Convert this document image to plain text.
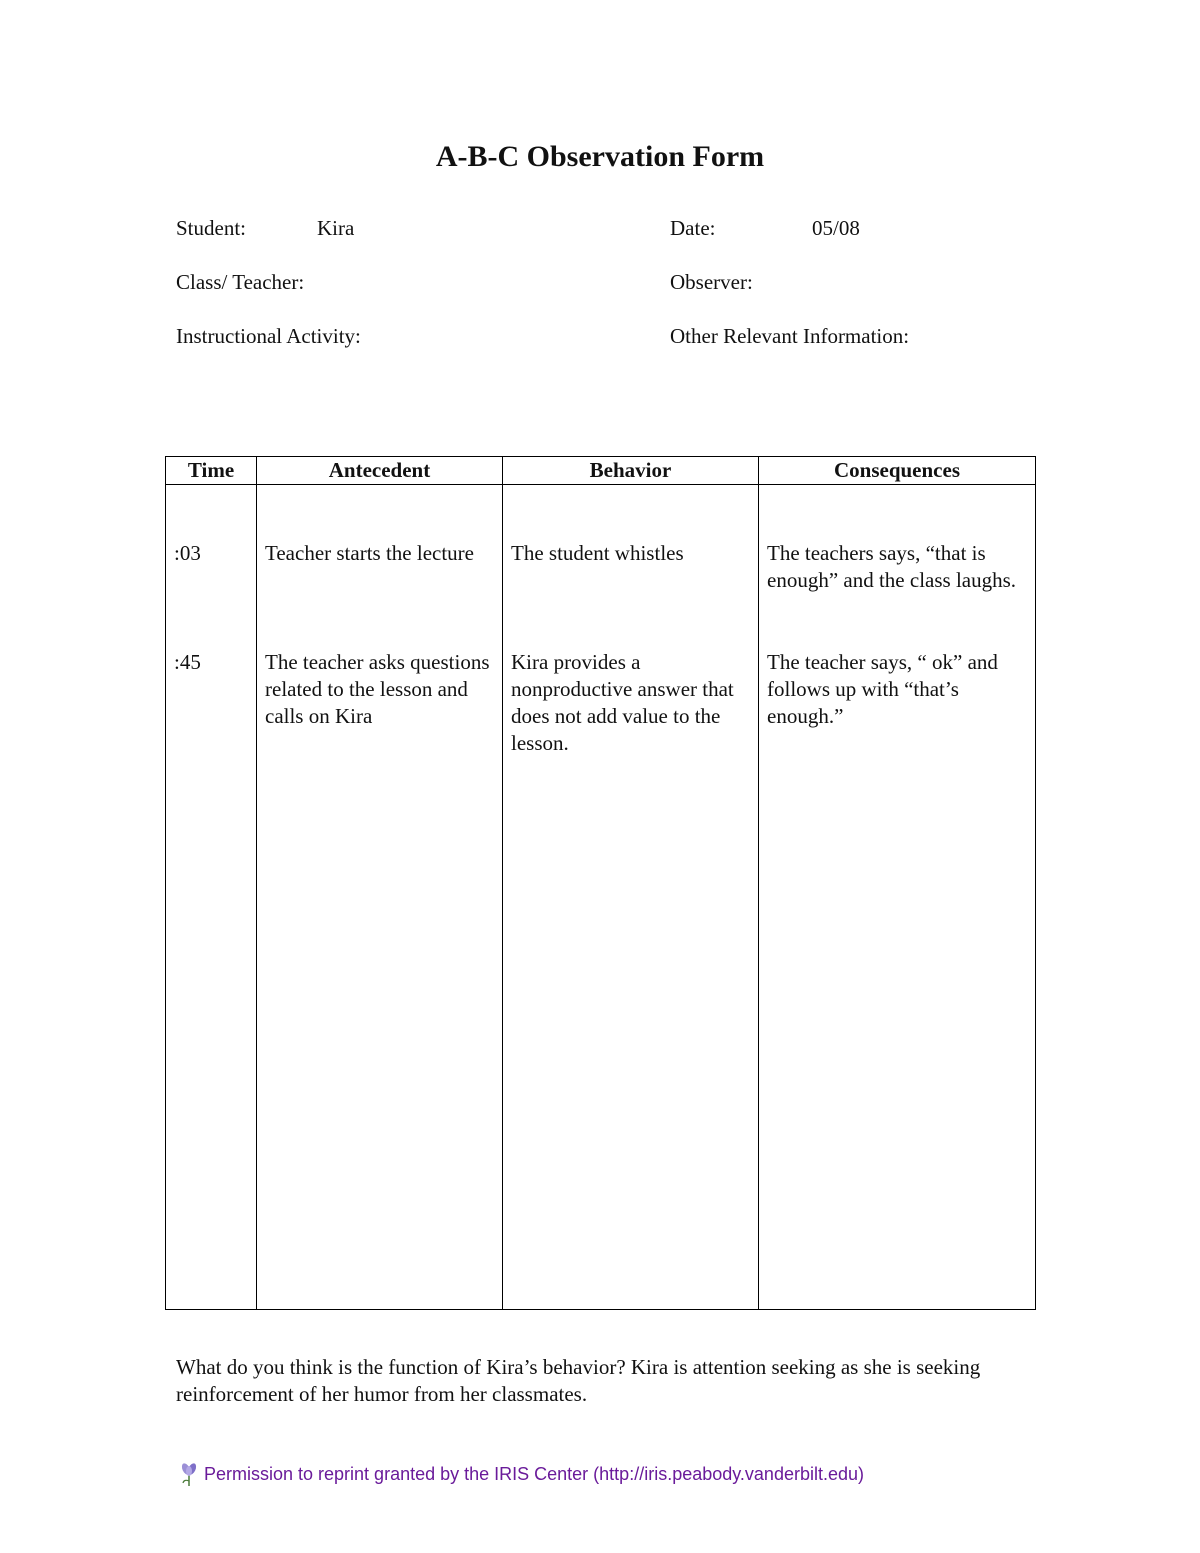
A-B-C Observation Form
Student:	Kira
Class/ Teacher:
Instructional Activity:
Date:	05/08
Observer:
Other Relevant Information:
Time	Antecedent	Behavior	Consequences

:03	Teacher starts the lecture	The student whistles	The teachers says, “that is enough” and the class laughs.
:45	The teacher asks questions related to the lesson and calls on Kira	Kira provides a nonproductive answer that does not add value to the lesson.	The teacher says, “ ok” and follows up with “that’s enough.”

What do you think is the function of Kira’s behavior? Kira is attention seeking as she is seeking reinforcement of her humor from her classmates.

Permission to reprint granted by the IRIS Center (http://iris.peabody.vanderbilt.edu)
